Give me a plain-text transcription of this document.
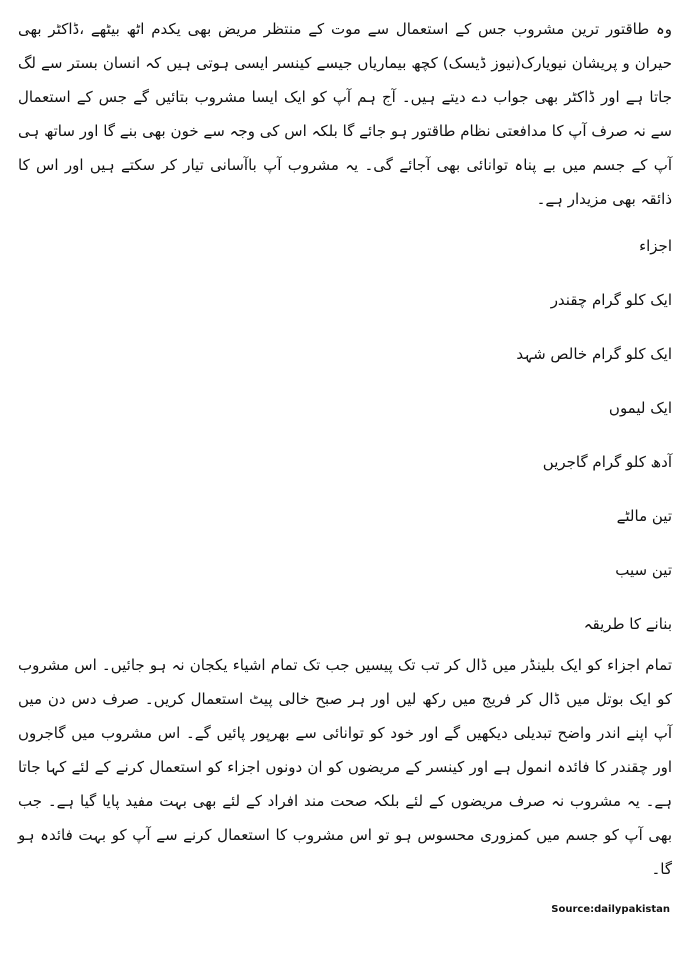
وہ طاقتور ترین مشروب جس کے استعمال سے موت کے منتظر مریض بھی یکدم اٹھ بیٹھے ،ڈاکٹر بھی حیران و پریشان نیویارک(نیوز ڈیسک) کچھ بیماریاں جیسے کینسر ایسی ہوتی ہیں کہ انسان بستر سے لگ جاتا ہے اور ڈاکٹر بھی جواب دے دیتے ہیں۔ آج ہم آپ کو ایک ایسا مشروب بتائیں گے جس کے استعمال سے نہ صرف آپ کا مدافعتی نظام طاقتور ہو جائے گا بلکہ اس کی وجہ سے خون بھی بنے گا اور ساتھ ہی آپ کے جسم میں بے پناہ توانائی بھی آجائے گی۔ یہ مشروب آپ باآسانی تیار کر سکتے ہیں اور اس کا ذائقہ بھی مزیدار ہے۔

اجزاء
ایک کلو گرام چقندر
ایک کلو گرام خالص شہد
ایک لیموں
آدھ کلو گرام گاجریں
تین مالٹے
تین سیب
بنانے کا طریقہ

تمام اجزاء کو ایک بلینڈر میں ڈال کر تب تک پیسیں جب تک تمام اشیاء یکجان نہ ہو جائیں۔ اس مشروب کو ایک بوتل میں ڈال کر فریج میں رکھ لیں اور ہر صبح خالی پیٹ استعمال کریں۔ صرف دس دن میں آپ اپنے اندر واضح تبدیلی دیکھیں گے اور خود کو توانائی سے بھرپور پائیں گے۔ اس مشروب میں گاجروں اور چقندر کا فائدہ انمول ہے اور کینسر کے مریضوں کو ان دونوں اجزاء کو استعمال کرنے کے لئے کہا جاتا ہے۔ یہ مشروب نہ صرف مریضوں کے لئے بلکہ صحت مند افراد کے لئے بھی بہت مفید پایا گیا ہے۔ جب بھی آپ کو جسم میں کمزوری محسوس ہو تو اس مشروب کا استعمال کرنے سے آپ کو بہت فائدہ ہو گا۔

Source:dailypakistan
